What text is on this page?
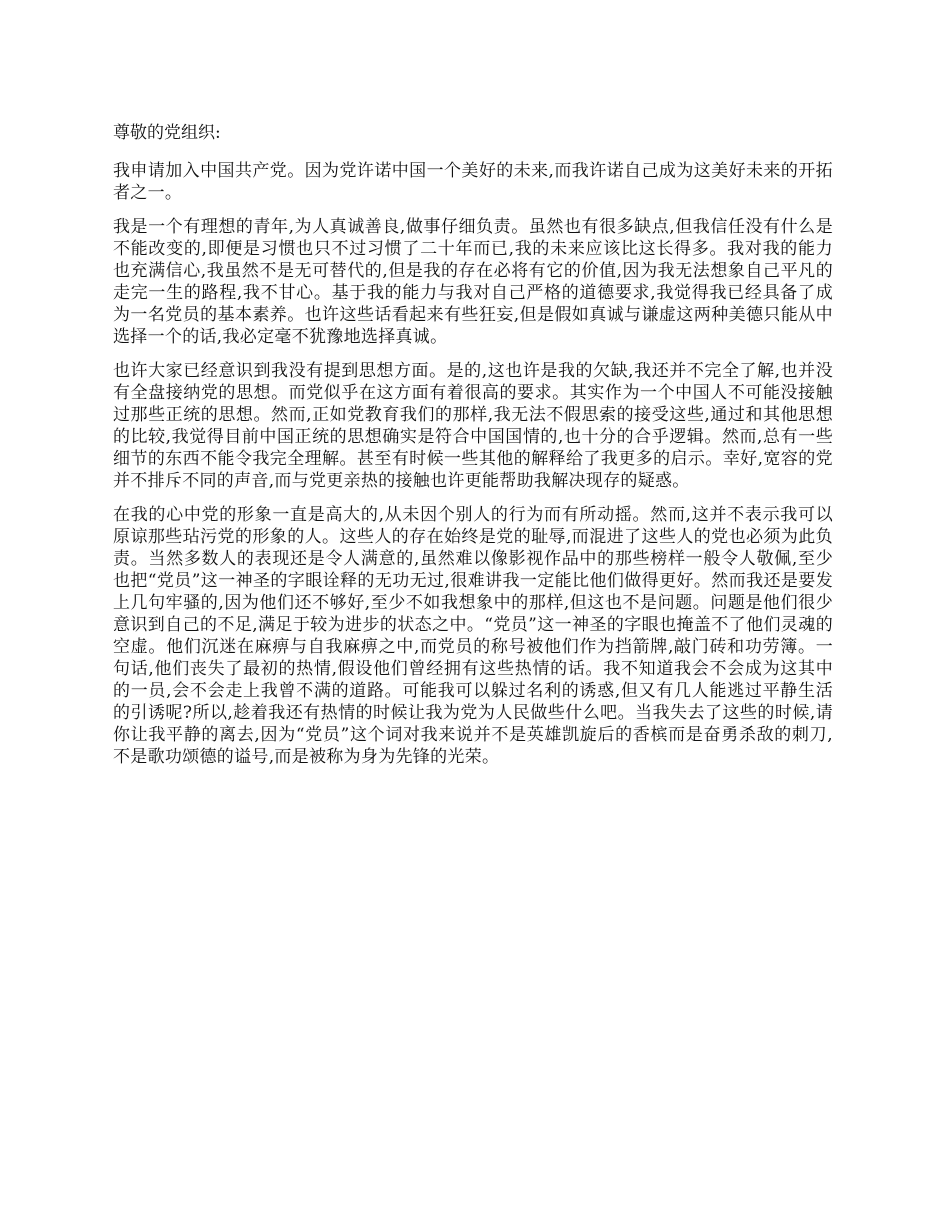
尊敬的党组织:

我申请加入中国共产党。因为党许诺中国一个美好的未来,而我许诺自己成为这美好未来的开拓者之一。

我是一个有理想的青年,为人真诚善良,做事仔细负责。虽然也有很多缺点,但我信任没有什么是不能改变的,即便是习惯也只不过习惯了二十年而已,我的未来应该比这长得多。我对我的能力也充满信心,我虽然不是无可替代的,但是我的存在必将有它的价值,因为我无法想象自己平凡的走完一生的路程,我不甘心。基于我的能力与我对自己严格的道德要求,我觉得我已经具备了成为一名党员的基本素养。也许这些话看起来有些狂妄,但是假如真诚与谦虚这两种美德只能从中选择一个的话,我必定毫不犹豫地选择真诚。

也许大家已经意识到我没有提到思想方面。是的,这也许是我的欠缺,我还并不完全了解,也并没有全盘接纳党的思想。而党似乎在这方面有着很高的要求。其实作为一个中国人不可能没接触过那些正统的思想。然而,正如党教育我们的那样,我无法不假思索的接受这些,通过和其他思想的比较,我觉得目前中国正统的思想确实是符合中国国情的,也十分的合乎逻辑。然而,总有一些细节的东西不能令我完全理解。甚至有时候一些其他的解释给了我更多的启示。幸好,宽容的党并不排斥不同的声音,而与党更亲热的接触也许更能帮助我解决现存的疑惑。

在我的心中党的形象一直是高大的,从未因个别人的行为而有所动摇。然而,这并不表示我可以原谅那些玷污党的形象的人。这些人的存在始终是党的耻辱,而混进了这些人的党也必须为此负责。当然多数人的表现还是令人满意的,虽然难以像影视作品中的那些榜样一般令人敬佩,至少也把“党员”这一神圣的字眼诠释的无功无过,很难讲我一定能比他们做得更好。然而我还是要发上几句牢骚的,因为他们还不够好,至少不如我想象中的那样,但这也不是问题。问题是他们很少意识到自己的不足,满足于较为进步的状态之中。“党员”这一神圣的字眼也掩盖不了他们灵魂的空虚。他们沉迷在麻痹与自我麻痹之中,而党员的称号被他们作为挡箭牌,敲门砖和功劳簿。一句话,他们丧失了最初的热情,假设他们曾经拥有这些热情的话。我不知道我会不会成为这其中的一员,会不会走上我曾不满的道路。可能我可以躲过名利的诱惑,但又有几人能逃过平静生活的引诱呢?所以,趁着我还有热情的时候让我为党为人民做些什么吧。当我失去了这些的时候,请你让我平静的离去,因为“党员”这个词对我来说并不是英雄凯旋后的香槟而是奋勇杀敌的刺刀,不是歌功颂德的谥号,而是被称为身为先锋的光荣。
